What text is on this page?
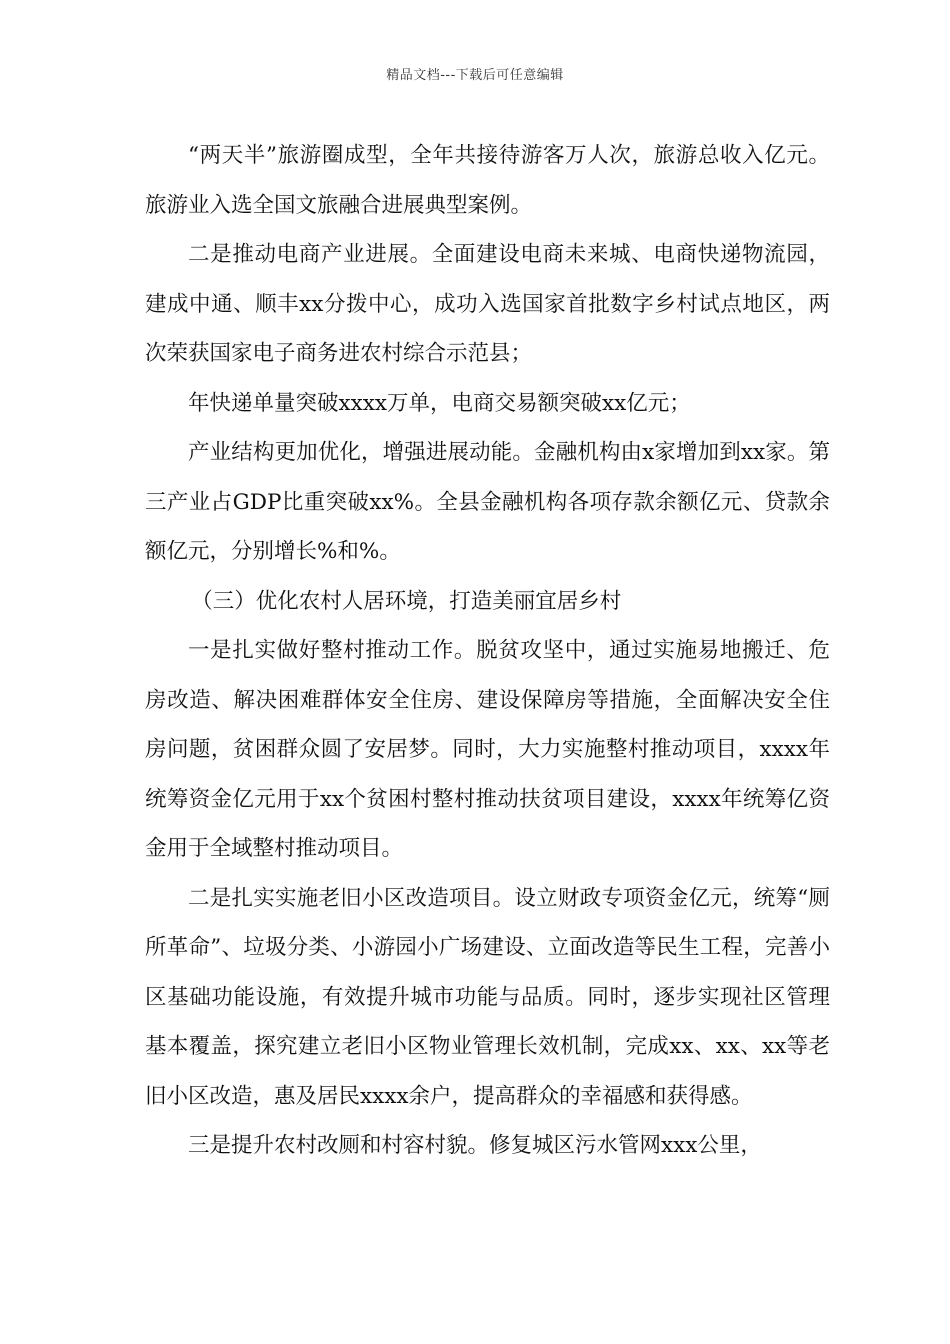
精品文档---下载后可任意编辑

“两天半”旅游圈成型，全年共接待游客万人次，旅游总收入亿元。旅游业入选全国文旅融合进展典型案例。

二是推动电商产业进展。全面建设电商未来城、电商快递物流园，建成中通、顺丰xx分拨中心，成功入选国家首批数字乡村试点地区，两次荣获国家电子商务进农村综合示范县；

年快递单量突破xxxx万单，电商交易额突破xx亿元；

产业结构更加优化，增强进展动能。金融机构由x家增加到xx家。第三产业占GDP比重突破xx%。全县金融机构各项存款余额亿元、贷款余额亿元，分别增长%和%。

（三）优化农村人居环境，打造美丽宜居乡村

一是扎实做好整村推动工作。脱贫攻坚中，通过实施易地搬迁、危房改造、解决困难群体安全住房、建设保障房等措施，全面解决安全住房问题，贫困群众圆了安居梦。同时，大力实施整村推动项目，xxxx年统筹资金亿元用于xx个贫困村整村推动扶贫项目建设，xxxx年统筹亿资金用于全域整村推动项目。

二是扎实实施老旧小区改造项目。设立财政专项资金亿元，统筹“厕所革命”、垃圾分类、小游园小广场建设、立面改造等民生工程，完善小区基础功能设施，有效提升城市功能与品质。同时，逐步实现社区管理基本覆盖，探究建立老旧小区物业管理长效机制，完成xx、xx、xx等老旧小区改造，惠及居民xxxx余户，提高群众的幸福感和获得感。

三是提升农村改厕和村容村貌。修复城区污水管网xxx公里，
